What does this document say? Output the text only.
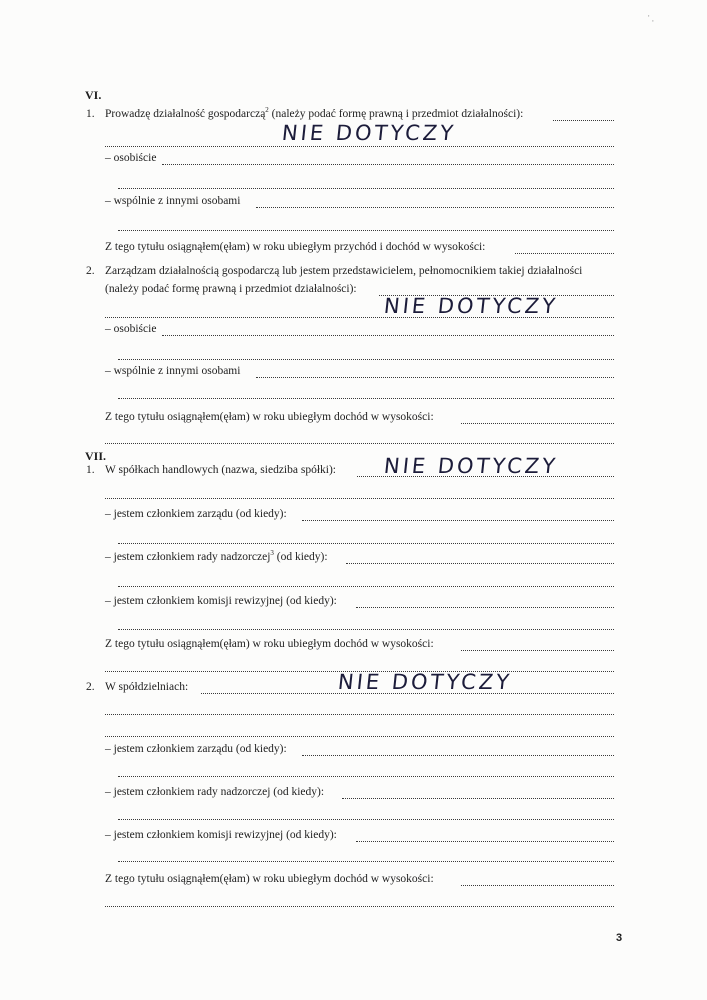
' ,
VI.
1. Prowadzę działalność gospodarczą$^2$ (należy podać formę prawną i przedmiot działalności):
NIE DOTYCZY
– osobiście
– wspólnie z innymi osobami
Z tego tytułu osiągnąłem(ęłam) w roku ubiegłym przychód i dochód w wysokości:
2. Zarządzam działalnością gospodarczą lub jestem przedstawicielem, pełnomocnikiem takiej działalności
(należy podać formę prawną i przedmiot działalności):
NIE DOTYCZY
– osobiście
– wspólnie z innymi osobami
Z tego tytułu osiągnąłem(ęłam) w roku ubiegłym dochód w wysokości:
VII.
1. W spółkach handlowych (nazwa, siedziba spółki): NIE DOTYCZY
– jestem członkiem zarządu (od kiedy):
– jestem członkiem rady nadzorczej$^3$ (od kiedy):
– jestem członkiem komisji rewizyjnej (od kiedy):
Z tego tytułu osiągnąłem(ęłam) w roku ubiegłym dochód w wysokości:
2. W spółdzielniach:	NIE DOTYCZY
– jestem członkiem zarządu (od kiedy):
– jestem członkiem rady nadzorczej (od kiedy):
– jestem członkiem komisji rewizyjnej (od kiedy):
Z tego tytułu osiągnąłem(ęłam) w roku ubiegłym dochód w wysokości:
3
